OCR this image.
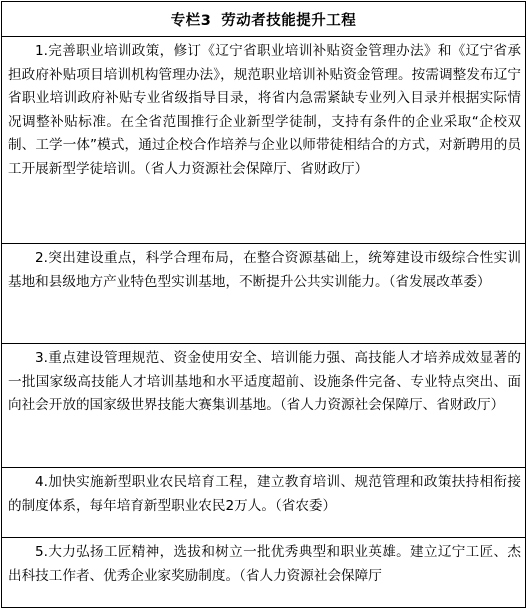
专栏3 劳动者技能提升工程
1.完善职业培训政策，修订《辽宁省职业培训补贴资金管理办法》和《辽宁省承担政府补贴项目培训机构管理办法》，规范职业培训补贴资金管理。按需调整发布辽宁省职业培训政府补贴专业省级指导目录，将省内急需紧缺专业列入目录并根据实际情况调整补贴标准。在全省范围推行企业新型学徒制，支持有条件的企业采取“企校双制、工学一体”模式，通过企校合作培养与企业以师带徒相结合的方式，对新聘用的员工开展新型学徒培训。（省人力资源社会保障厅、省财政厅）
2.突出建设重点，科学合理布局，在整合资源基础上，统筹建设市级综合性实训基地和县级地方产业特色型实训基地，不断提升公共实训能力。（省发展改革委）
3.重点建设管理规范、资金使用安全、培训能力强、高技能人才培养成效显著的一批国家级高技能人才培训基地和水平适度超前、设施条件完备、专业特点突出、面向社会开放的国家级世界技能大赛集训基地。（省人力资源社会保障厅、省财政厅）
4.加快实施新型职业农民培育工程，建立教育培训、规范管理和政策扶持相衔接的制度体系，每年培育新型职业农民2万人。（省农委）
5.大力弘扬工匠精神，选拔和树立一批优秀典型和职业英雄。建立辽宁工匠、杰出科技工作者、优秀企业家奖励制度。（省人力资源社会保障厅
